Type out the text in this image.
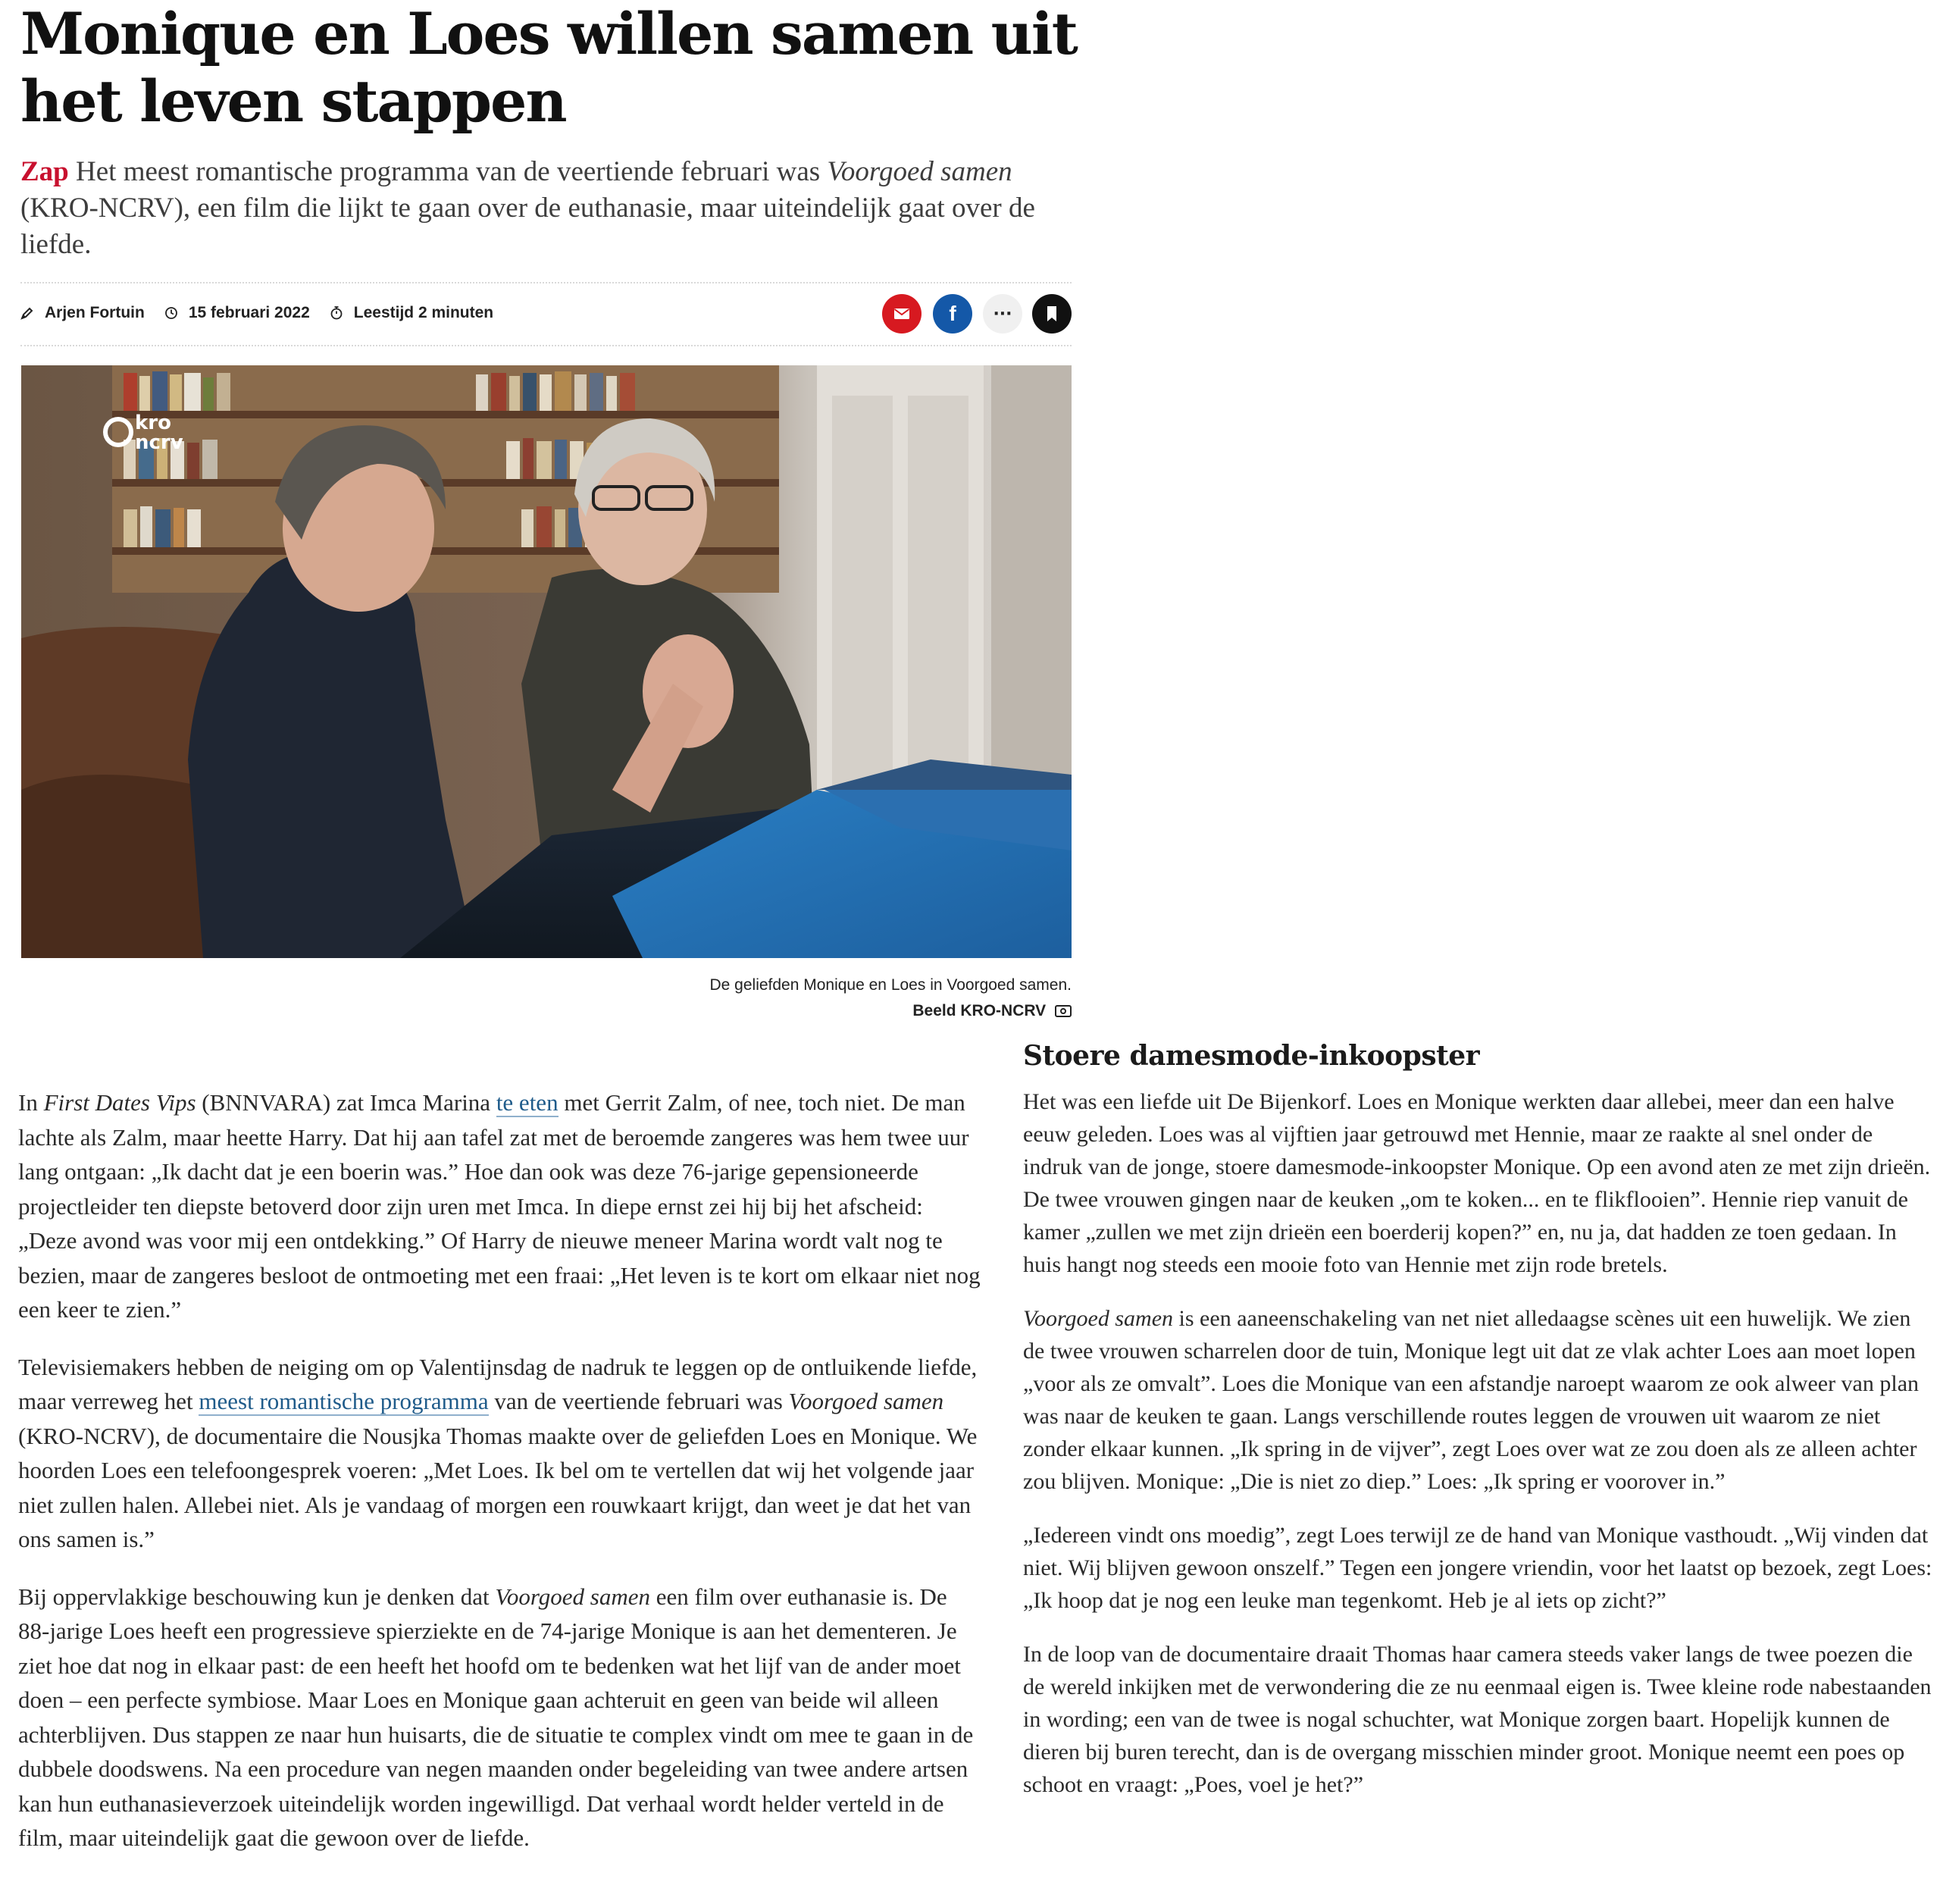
Monique en Loes willen samen uit het leven stappen

Zap Het meest romantische programma van de veertiende februari was Voorgoed samen (KRO-NCRV), een film die lijkt te gaan over de euthanasie, maar uiteindelijk gaat over de liefde.

Arjen Fortuin	15 februari 2022	Leestijd 2 minuten	f ···
kro
ncrv
De geliefden Monique en Loes in Voorgoed samen.
Beeld KRO-NCRV

In First Dates Vips (BNNVARA) zat Imca Marina te eten met Gerrit Zalm, of nee, toch niet. De man lachte als Zalm, maar heette Harry. Dat hij aan tafel zat met de beroemde zangeres was hem twee uur lang ontgaan: „Ik dacht dat je een boerin was.” Hoe dan ook was deze 76-jarige gepensioneerde projectleider ten diepste betoverd door zijn uren met Imca. In diepe ernst zei hij bij het afscheid: „Deze avond was voor mij een ontdekking.” Of Harry de nieuwe meneer Marina wordt valt nog te bezien, maar de zangeres besloot de ontmoeting met een fraai: „Het leven is te kort om elkaar niet nog een keer te zien.”

Televisiemakers hebben de neiging om op Valentijnsdag de nadruk te leggen op de ontluikende liefde, maar verreweg het meest romantische programma van de veertiende februari was Voorgoed samen (KRO-NCRV), de documentaire die Nousjka Thomas maakte over de geliefden Loes en Monique. We hoorden Loes een telefoongesprek voeren: „Met Loes. Ik bel om te vertellen dat wij het volgende jaar niet zullen halen. Allebei niet. Als je vandaag of morgen een rouwkaart krijgt, dan weet je dat het van ons samen is.”

Bij oppervlakkige beschouwing kun je denken dat Voorgoed samen een film over euthanasie is. De 88-jarige Loes heeft een progressieve spierziekte en de 74-jarige Monique is aan het dementeren. Je ziet hoe dat nog in elkaar past: de een heeft het hoofd om te bedenken wat het lijf van de ander moet doen – een perfecte symbiose. Maar Loes en Monique gaan achteruit en geen van beide wil alleen achterblijven. Dus stappen ze naar hun huisarts, die de situatie te complex vindt om mee te gaan in de dubbele doodswens. Na een procedure van negen maanden onder begeleiding van twee andere artsen kan hun euthanasieverzoek uiteindelijk worden ingewilligd. Dat verhaal wordt helder verteld in de film, maar uiteindelijk gaat die gewoon over de liefde.

Stoere damesmode-inkoopster

Het was een liefde uit De Bijenkorf. Loes en Monique werkten daar allebei, meer dan een halve eeuw geleden. Loes was al vijftien jaar getrouwd met Hennie, maar ze raakte al snel onder de indruk van de jonge, stoere damesmode-inkoopster Monique. Op een avond aten ze met zijn drieën. De twee vrouwen gingen naar de keuken „om te koken... en te flikflooien”. Hennie riep vanuit de kamer „zullen we met zijn drieën een boerderij kopen?” en, nu ja, dat hadden ze toen gedaan. In huis hangt nog steeds een mooie foto van Hennie met zijn rode bretels.

Voorgoed samen is een aaneenschakeling van net niet alledaagse scènes uit een huwelijk. We zien de twee vrouwen scharrelen door de tuin, Monique legt uit dat ze vlak achter Loes aan moet lopen „voor als ze omvalt”. Loes die Monique van een afstandje naroept waarom ze ook alweer van plan was naar de keuken te gaan. Langs verschillende routes leggen de vrouwen uit waarom ze niet zonder elkaar kunnen. „Ik spring in de vijver”, zegt Loes over wat ze zou doen als ze alleen achter zou blijven. Monique: „Die is niet zo diep.” Loes: „Ik spring er voorover in.”

„Iedereen vindt ons moedig”, zegt Loes terwijl ze de hand van Monique vasthoudt. „Wij vinden dat niet. Wij blijven gewoon onszelf.” Tegen een jongere vriendin, voor het laatst op bezoek, zegt Loes: „Ik hoop dat je nog een leuke man tegenkomt. Heb je al iets op zicht?”

In de loop van de documentaire draait Thomas haar camera steeds vaker langs de twee poezen die de wereld inkijken met de verwondering die ze nu eenmaal eigen is. Twee kleine rode nabestaanden in wording; een van de twee is nogal schuchter, wat Monique zorgen baart. Hopelijk kunnen de dieren bij buren terecht, dan is de overgang misschien minder groot. Monique neemt een poes op schoot en vraagt: „Poes, voel je het?”
